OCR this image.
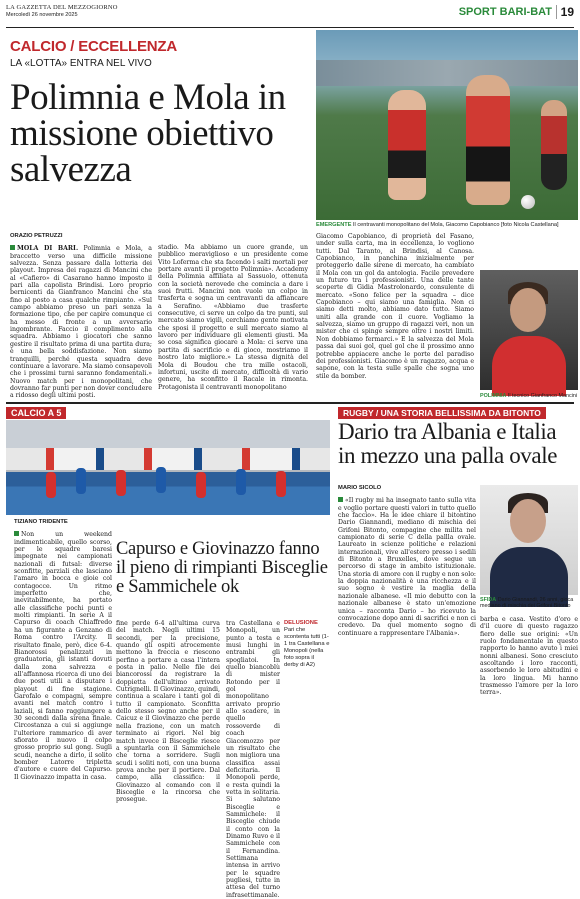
LA GAZZETTA DEL MEZZOGIORNO
Mercoledì 26 novembre 2025	SPORT BARI-BAT 19
CALCIO / ECCELLENZA
LA «LOTTA» ENTRA NEL VIVO
Polimnia e Mola in missione obiettivo salvezza
EMERGENTE Il centravanti monopolitano del Mola, Giacomo Capobianco [foto Nicola Castellana]
ORAZIO PETRUZZI
MOLA DI BARI. Polimnia e Mola, a braccetto verso una difficile missione salvezza. Senza passare dalla lotteria dei playout. Impresa dei ragazzi di Mancini che al «Cafiero» di Casarano hanno imposto il pari alla capolista Brindisi. Loro proprio bernicenti da Gianfranco Mancini che sta fino al posto a casa qualche rimpianto. «Sul campo abbiamo preso un pari senza la formazione tipo, che per capire comunque ci ha messo di fronte a un avversario ingombrante. Faccio il complimento alla squadra. Abbiamo i giocatori che sanno gestire il risultato prima di una partita dura; è una bella soddisfazione. Non siamo tranquilli, perché questa squadra deve continuare a lavorare. Ma siamo consapevoli che i prossimi turni saranno fondamentali.» Nuovo match per i monopolitani, che dovranno far punti per non dover concludere a ridosso degli ultimi posti.
stadio. Ma abbiamo un cuore grande, un pubblico meraviglioso e un presidente come Vito Loferma che sta facendo i salti mortali per portare avanti il progetto Polimnia». Accademy della Polimnia affiliata al Sassuolo, ottenuta con la società nerovede che comincia a dare i suoi frutti. Mancini non vuole un colpo in trasferta e sogna un centravanti da affiancare a Serafino. «Abbiamo due trasferte consecutive, ci serve un colpo da tre punti, sul mercato siamo vigili, cerchiamo gente motivata che sposi il progetto e sull mercato siamo al lavoro per individuare gli elementi giusti. Ma so cosa significa giocare a Mola: ci serve una partita di sacrificio e di gioco, mostriamo il nostro lato migliore.» La stessa dignità del Mola di Boudou che tra mille ostacoli, infortuni, uscite di mercato, difficoltà di vario genere, ha sconfitto il Racale in rimonta. Protagonista il centravanti monopolitano
Giacomo Capobianco, di proprietà del Fasano, under sulla carta, ma in eccellenza, lo vogliono tutti. Dal Taranto, al Brindisi, al Canosa. Capobianco, in panchina inizialmente per proteggerlo dalle sirene di mercato, ha cambiato il Mola con un gol da antologia. Facile prevedere un futuro tra i professionisti. Una delle tante scoperte di Gidia Mastrolonardo, consulente di mercato. «Sono felice per la squadra – dice Capobianco – qui siamo una famiglia. Non ci siamo detti molto, abbiamo dato tutto. Siamo uniti alla grande con il cuore. Vogliamo la salvezza, siamo un gruppo di ragazzi veri, non un mister che ci spinge sempre oltre i nostri limiti. Non dobbiamo fermarci.» E la salvezza del Mola passa dai suoi gol, quel gol che il prossimo anno potrebbe appiacere anche le porte del paradiso dei professionisti. Giacomo è un ragazzo, acqua e sapone, con la testa sulle spalle che sogna uno stile da bomber.
POLIMNIA Il tecnico Gianfranco Mancini
CALCIO A 5
TIZIANO TRIDENTE
Non un weekend indimenticabile, quello scorso, per le squadre baresi impegnate nei campionati nazionali di futsal: diverse sconfitte, parziali che lasciano l'amaro in bocca e gioie col contagocce. Un ritmo imperfetto che, inevitabilmente, ha portato alle classifiche pochi punti e molti rimpianti. In serie A il Capurso di coach Chiaffredo ha un figurante a Genzano di Roma contro l'Arcity. Il risultato finale, però, dice 6-4. Bianorossi penalizzati in graduatoria, gli istanti dovuti dalla zona salvezza e all'affannosa ricerca di uno dei due posti utili a disputare i playout di fine stagione. Garofalo e compagni, sempre avanti nel match contro i laziali, si fanno raggiungere a 30 secondi dalla sirena finale. Circostanza a cui si aggiunge l'ulteriore rammarico di aver sfiorato il nuovo il colpo grosso proprio sul gong. Sugli scudi, neanche a dirlo, il solito bomber Latorre tripletta d'autore e cuore del Capurso. Il Giovinazzo impatta in casa.
Capurso e Giovinazzo fanno il pieno di rimpianti Bisceglie e Sammichele ok
fine perde 6-4 all'ultima curva del match. Negli ultimi 15 secondi, per la precisione, quando gli ospiti atrocemente mettono la freccia e riescono perfino a portare a casa l'intera posta in palio. Nelle file dei biancorossi da registrare la doppietta dell'ultimo arrivato Cutrignelli. Il Giovinazzo, quindi, continua a scalare i tanti gol di tutto il campionato. Sconfitta dello stesso segno anche per il Caicuz e il Giovinazzo che perde nella frazione, con un match terminato ai rigori. Nel big match invece il Bisceglie riesce a spuntarla con il Sammichele che torna a sorridere. Sugli scudi i soliti noti, con una buona prova anche per il portiere. Dal campo, alla classifica: il Giovinazzo al comando con il Bisceglie e la rincorsa che prosegue.
tra Castellana e Monopoli, un punto a testa e musi lunghi in entrambi gli spogliatoi. In quello biancoblù di mister Rotondo per il gol monopolitano arrivato proprio allo scadere, in quello rossoverde di coach Giacomozzo per un risultato che non migliora una classifica assai deficitaria. Il Monopoli perde, e resta quindi la vetta in solitaria. Si salutano Bisceglie e Sammichele: il Bisceglie chiude il conto con la Dinamo Ruvo e il Sammichele con il Fernandina. Settimana intensa in arrivo per le squadre pugliesi, tutte in attesa del turno infrasettimanale.
DELUSIONE
Pari che scontenta tutti (1-1 tra Castellana e Monopoli (nella foto sopra il derby di A2)
RUGBY / UNA STORIA BELLISSIMA DA BITONTO
Dario tra Albania e Italia in mezzo una palla ovale
MARIO SICOLO
«Il rugby mi ha insegnato tanto sulla vita e voglio portare questi valori in tutto quello che faccio». Ha le idee chiare il bitontino Dario Giannandi, mediano di mischia dei Grifoni Bitonto, compagine che milita nel campionato di serie C della pallla ovale. Laureato in scienze politiche e relazioni internazionali, vive all'estero presso i sedili di Bitonto a Bruxelles, dove segue un percorso di stage in ambito istituzionale. Una storia di amore con il rugby e non solo: la doppia nazionalità è una ricchezza e il suo sogno è vestire la maglia della nazionale albanese. «Il mio debutto con la nazionale albanese è stato un'emozione unica – racconta Dario – ho ricevuto la convocazione dopo anni di sacrifici e non ci credevo. Da quel momento sogno di continuare a rappresentare l'Albania».
barba e casa. Vestito d'oro e d'il cuore di questo ragazzo fiero delle sue origini: «Un ruolo fondamentale in questo rapporto lo hanno avuto i miei nonni albanesi. Sono cresciuto ascoltando i loro racconti, assorbendo le loro abitudini e la loro lingua. Mi hanno trasmesso l'amore per la loro terra».
SFIDA Dario Giannandi, 26 anni, gioca mediano di mischia dei Grifoni Bitonto
